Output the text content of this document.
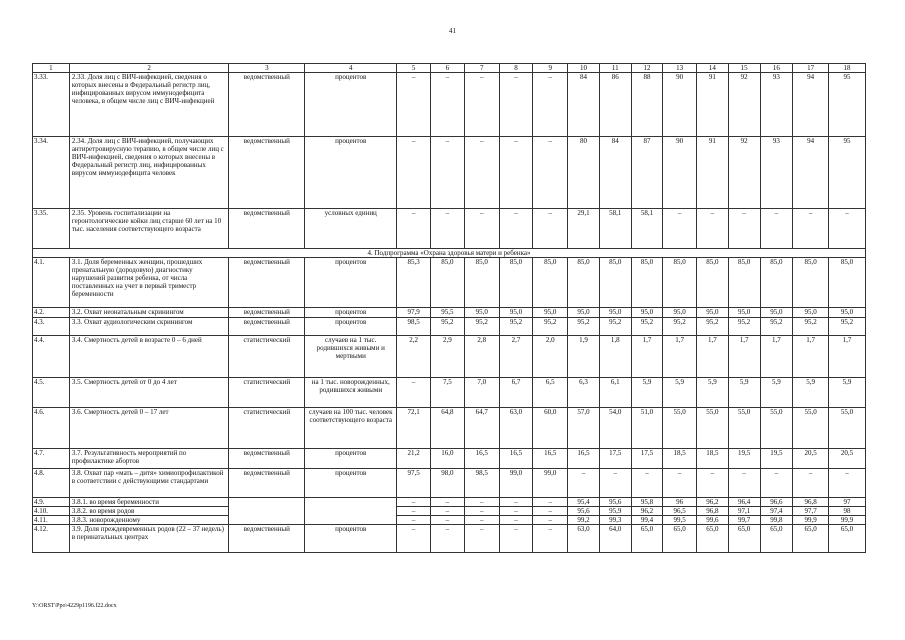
41
1	2	3	4	5	6	7	8	9	10	11	12	13	14	15	16	17	18
3.33.	2.33. Доля лиц с ВИЧ-инфекцией, сведения о которых внесены в Федеральный регистр лиц, инфицированных вирусом иммунодефицита человека, в общем числе лиц с ВИЧ-инфекцией	ведомственный	процентов	–	–	–	–	–	84	86	88	90	91	92	93	94	95
3.34.	2.34. Доля лиц с ВИЧ-инфекцией, получающих антиретровирусную терапию, в общем числе лиц с ВИЧ-инфекцией, сведения о которых внесены в Федеральный регистр лиц, инфицированных вирусом иммунодефицита человек	ведомственный	процентов	–	–	–	–	–	80	84	87	90	91	92	93	94	95
3.35.	2.35. Уровень госпитализации на геронтологические койки лиц старше 60 лет на 10 тыс. населения соответствующего возраста	ведомственный	условных единиц	–	–	–	–	–	29,1	58,1	58,1	–	–	–	–	–	–
4. Подпрограмма «Охрана здоровья матери и ребенка»																	
4.1.	3.1. Доля беременных женщин, прошедших пренатальную (дородовую) диагностику нарушений развития ребенка, от числа поставленных на учет в первый триместр беременности	ведомственный	процентов	85,3	85,0	85,0	85,0	85,0	85,0	85,0	85,0	85,0	85,0	85,0	85,0	85,0	85,0
4.2.	3.2. Охват неонатальным скринингом	ведомственный	процентов	97,9	95,5	95,0	95,0	95,0	95,0	95,0	95,0	95,0	95,0	95,0	95,0	95,0	95,0
4.3.	3.3. Охват аудиологическим скринингом	ведомственный	процентов	98,5	95,2	95,2	95,2	95,2	95,2	95,2	95,2	95,2	95,2	95,2	95,2	95,2	95,2
4.4.	3.4. Смертность детей в возрасте 0 – 6 дней	статистический	случаев на 1 тыс. родившихся живыми и мертвыми	2,2	2,9	2,8	2,7	2,0	1,9	1,8	1,7	1,7	1,7	1,7	1,7	1,7	1,7
4.5.	3.5. Смертность детей от 0 до 4 лет	статистический	на 1 тыс. новорожденных, родившихся живыми	–	7,5	7,0	6,7	6,5	6,3	6,1	5,9	5,9	5,9	5,9	5,9	5,9	5,9
4.6.	3.6. Смертность детей 0 – 17 лет	статистический	случаев на 100 тыс. человек соответствующего возраста	72,1	64,8	64,7	63,0	60,0	57,0	54,0	51,0	55,0	55,0	55,0	55,0	55,0	55,0
4.7.	3.7. Результативность мероприятий по профилактике абортов	ведомственный	процентов	21,2	16,0	16,5	16,5	16,5	16,5	17,5	17,5	18,5	18,5	19,5	19,5	20,5	20,5
4.8.	3.8. Охват пар «мать – дитя» химиопрофилактикой в соответствии с действующими стандартами	ведомственный	процентов	97,5	98,0	98,5	99,0	99,0	–	–	–	–	–	–	–	–	–
4.9.	3.8.1. во время беременности			–	–	–	–	–	95,4	95,6	95,8	96	96,2	96,4	96,6	96,8	97
4.10.	3.8.2. во время родов			–	–	–	–	–	95,6	95,9	96,2	96,5	96,8	97,1	97,4	97,7	98
4.11.	3.8.3. новорожденному			–	–	–	–	–	99,2	99,3	99,4	99,5	99,6	99,7	99,8	99,9	99,9
4.12.	3.9. Доля преждевременных родов (22 – 37 недель) в перинатальных центрах	ведомственный	процентов	–	–	–	–	–	63,0	64,0	65,0	65,0	65,0	65,0	65,0	65,0	65,0
Y:\ORST\Ppo\4229p1196.f22.docx
